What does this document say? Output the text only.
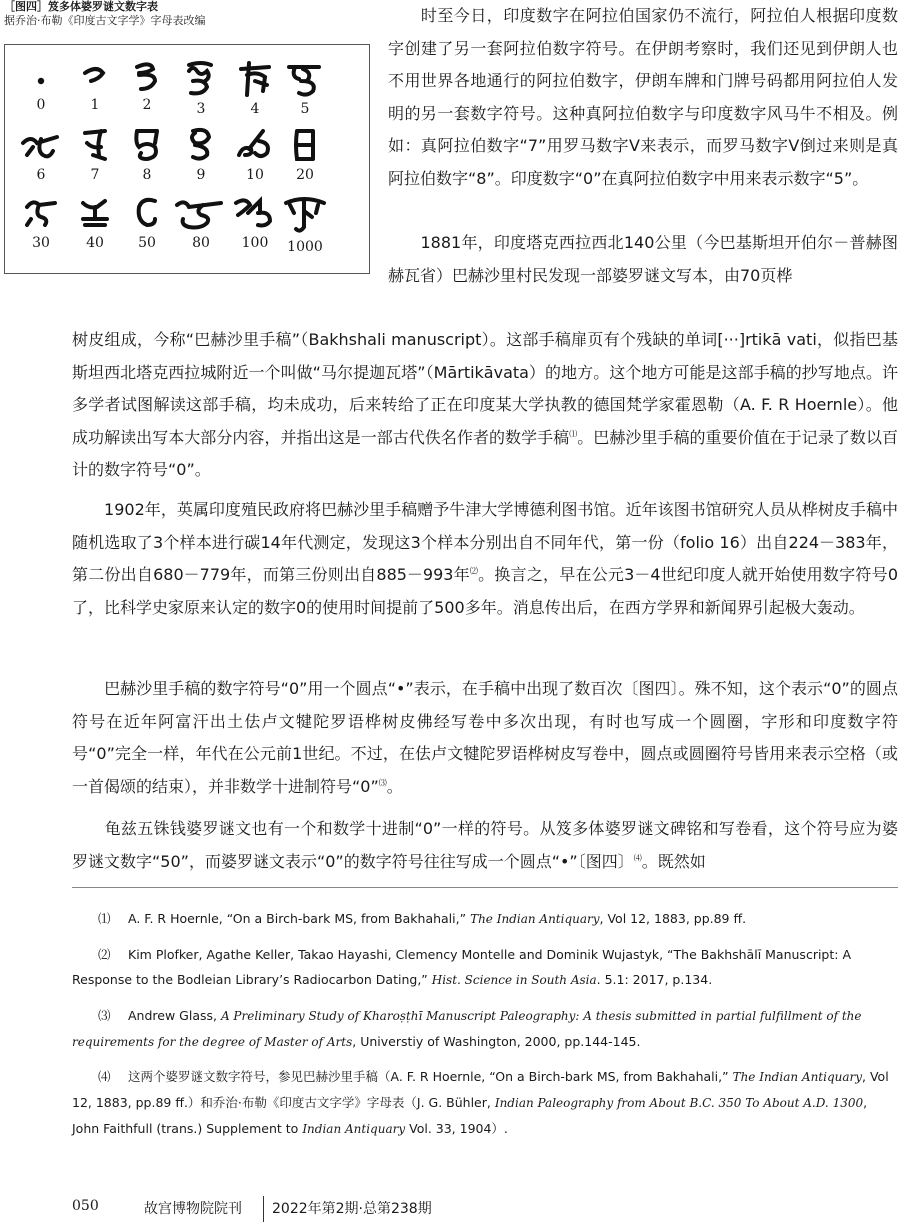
［图四］笈多体婆罗谜文数字表
据乔治·布勒《印度古文字学》字母表改编
0	1	2	3	4	5
6	7	8	9	10	20
30	40	50	80	100	1000

　　时至今日，印度数字在阿拉伯国家仍不流行，阿拉伯人根据印度数字创建了另一套阿拉伯数字符号。在伊朗考察时，我们还见到伊朗人也不用世界各地通行的阿拉伯数字，伊朗车牌和门牌号码都用阿拉伯人发明的另一套数字符号。这种真阿拉伯数字与印度数字风马牛不相及。例如：真阿拉伯数字“7”用罗马数字V来表示，而罗马数字V倒过来则是真阿拉伯数字“8”。印度数字“0”在真阿拉伯数字中用来表示数字“5”。

　　1881年，印度塔克西拉西北140公里（今巴基斯坦开伯尔－普赫图赫瓦省）巴赫沙里村民发现一部婆罗谜文写本，由70页桦

树皮组成，今称“巴赫沙里手稿”（Bakhshali manuscript）。这部手稿扉页有个残缺的单词[···]rtikā vati，似指巴基斯坦西北塔克西拉城附近一个叫做“马尔提迦瓦塔”（Mārtikāvata）的地方。这个地方可能是这部手稿的抄写地点。许多学者试图解读这部手稿，均未成功，后来转给了正在印度某大学执教的德国梵学家霍恩勒（A. F. R Hoernle）。他成功解读出写本大部分内容，并指出这是一部古代佚名作者的数学手稿⑴。巴赫沙里手稿的重要价值在于记录了数以百计的数字符号“0”。

　　1902年，英属印度殖民政府将巴赫沙里手稿赠予牛津大学博德利图书馆。近年该图书馆研究人员从桦树皮手稿中随机选取了3个样本进行碳14年代测定，发现这3个样本分别出自不同年代，第一份（folio 16）出自224－383年，第二份出自680－779年，而第三份则出自885－993年⑵。换言之，早在公元3－4世纪印度人就开始使用数字符号0了，比科学史家原来认定的数字0的使用时间提前了500多年。消息传出后，在西方学界和新闻界引起极大轰动。

　　巴赫沙里手稿的数字符号“0”用一个圆点“•”表示，在手稿中出现了数百次〔图四〕。殊不知，这个表示“0”的圆点符号在近年阿富汗出土佉卢文犍陀罗语桦树皮佛经写卷中多次出现，有时也写成一个圆圈，字形和印度数字符号“0”完全一样，年代在公元前1世纪。不过，在佉卢文犍陀罗语桦树皮写卷中，圆点或圆圈符号皆用来表示空格（或一首偈颂的结束），并非数学十进制符号“0”⑶。

　　龟兹五铢钱婆罗谜文也有一个和数学十进制“0”一样的符号。从笈多体婆罗谜文碑铭和写卷看，这个符号应为婆罗谜文数字“50”，而婆罗谜文表示“0”的数字符号往往写成一个圆点“•”〔图四〕⑷。既然如

⑴ A. F. R Hoernle, “On a Birch-bark MS, from Bakhahali,” The Indian Antiquary, Vol 12, 1883, pp.89 ff.

⑵ Kim Plofker, Agathe Keller, Takao Hayashi, Clemency Montelle and Dominik Wujastyk, “The Bakhshālī Manuscript: A Response to the Bodleian Library’s Radiocarbon Dating,” Hist. Science in South Asia. 5.1: 2017, p.134.

⑶ Andrew Glass, A Preliminary Study of Kharoṣṭhī Manuscript Paleography: A thesis submitted in partial fulfillment of the requirements for the degree of Master of Arts, Universtiy of Washington, 2000, pp.144-145.

⑷ 这两个婆罗谜文数字符号，参见巴赫沙里手稿（A. F. R Hoernle, “On a Birch-bark MS, from Bakhahali,” The Indian Antiquary, Vol 12, 1883, pp.89 ff.）和乔治·布勒《印度古文字学》字母表（J. G. Bühler, Indian Paleography from About B.C. 350 To About A.D. 1300, John Faithfull (trans.) Supplement to Indian Antiquary Vol. 33, 1904）.

050	故宫博物院院刊 2022年第2期·总第238期
